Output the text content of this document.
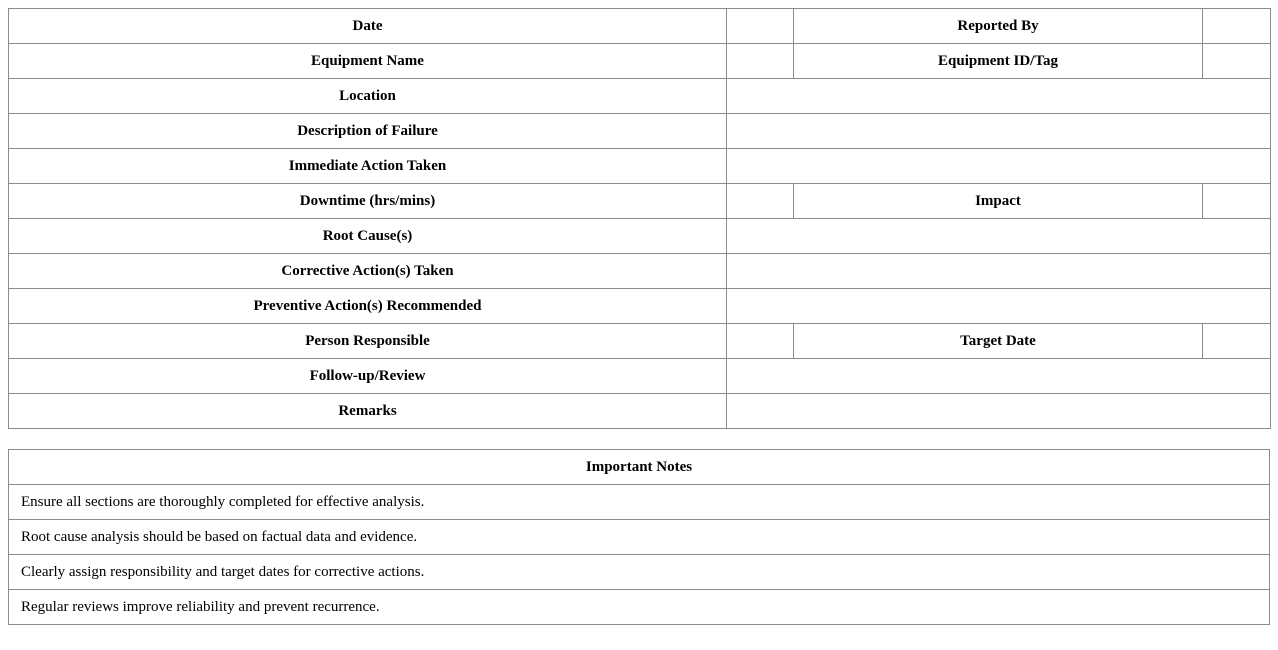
Date		Reported By	
Equipment Name		Equipment ID/Tag	
Location			
Description of Failure			
Immediate Action Taken			
Downtime (hrs/mins)		Impact	
Root Cause(s)			
Corrective Action(s) Taken			
Preventive Action(s) Recommended			
Person Responsible		Target Date	
Follow-up/Review			
Remarks			
Important Notes
Ensure all sections are thoroughly completed for effective analysis.
Root cause analysis should be based on factual data and evidence.
Clearly assign responsibility and target dates for corrective actions.
Regular reviews improve reliability and prevent recurrence.
